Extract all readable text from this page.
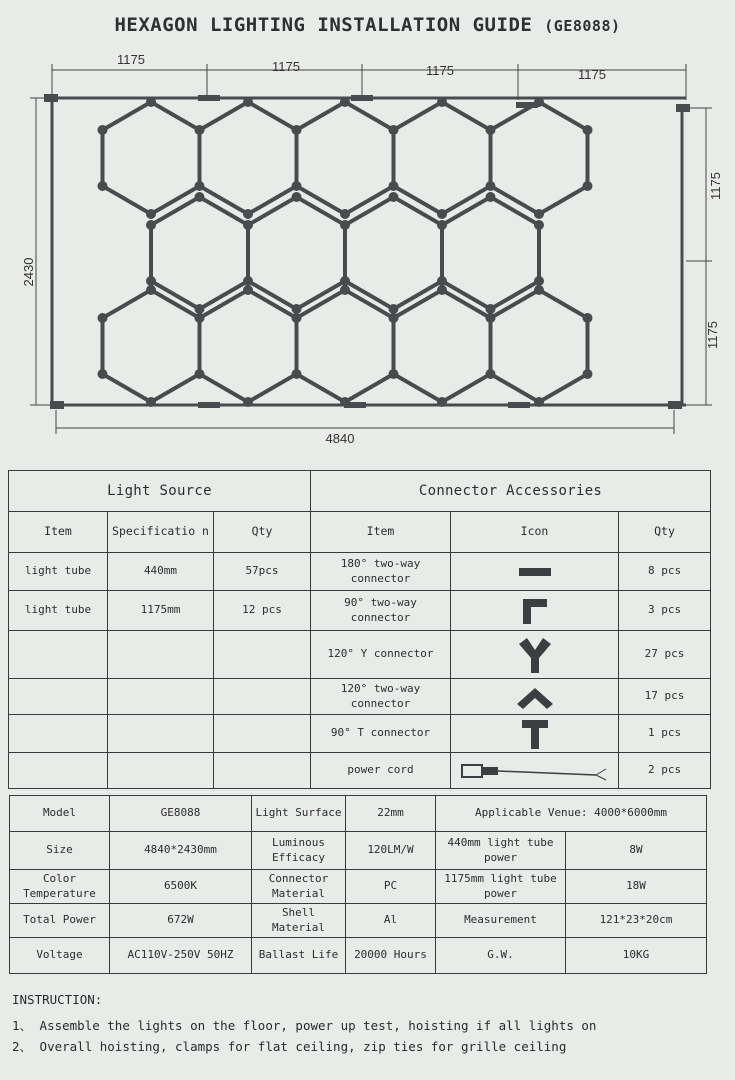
HEXAGON LIGHTING INSTALLATION GUIDE (GE8088)
1175	1175	1175	1175
4840
2430
1175
1175
Light Source			Connector Accessories		
Item	Specificatio n	Qty	Item	Icon	Qty
light tube	440mm	57pcs	180° two-way connector		8 pcs
light tube	1175mm	12 pcs	90° two-way connector		3 pcs
			120° Y connector		27 pcs
			120° two-way connector		17 pcs
			90° T connector		1 pcs
			power cord		2 pcs
Model	GE8088	Light Surface	22mm	Applicable Venue: 4000*6000mm	
Size	4840*2430mm	Luminous Efficacy	120LM/W	440mm light tube power	8W
Color Temperature	6500K	Connector Material	PC	1175mm light tube power	18W
Total Power	672W	Shell Material	Al	Measurement	121*23*20cm
Voltage	AC110V-250V 50HZ	Ballast Life	20000 Hours	G.W.	10KG
INSTRUCTION:
1、 Assemble the lights on the floor, power up test, hoisting if all lights on
2、 Overall hoisting, clamps for flat ceiling, zip ties for grille ceiling
